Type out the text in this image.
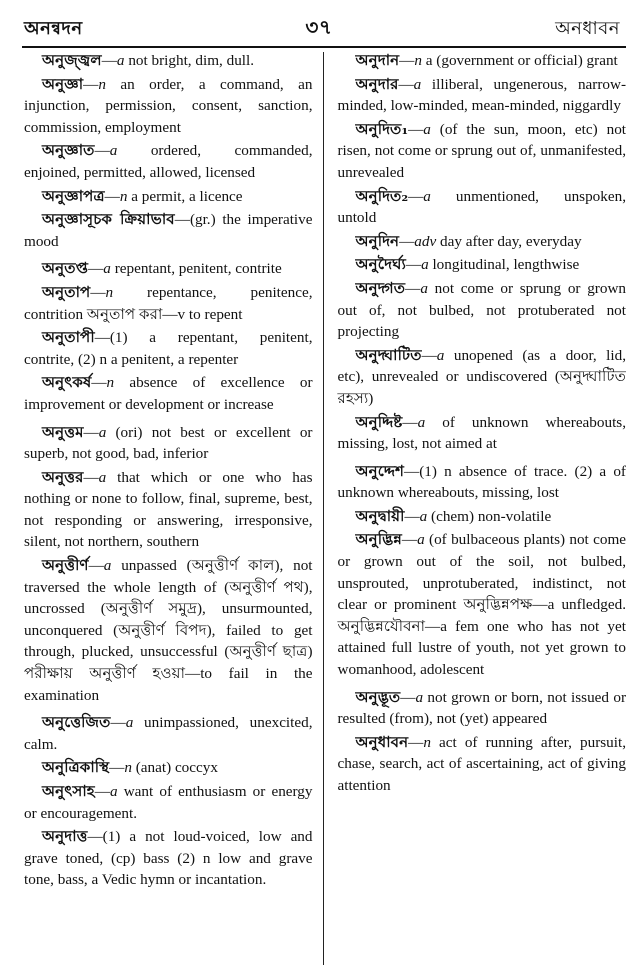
অনন্বদন	৩৭	অনধাবন

অনুজ্জ্বল—a not bright, dim, dull.

অনুজ্ঞা—n an order, a command, an injunction, permission, consent, sanction, commission, employment

অনুজ্ঞাত—a ordered, commanded, enjoined, permitted, allowed, licensed

অনুজ্ঞাপত্র—n a permit, a licence

অনুজ্ঞাসূচক ক্রিয়াভাব—(gr.) the imperative mood

অনুতপ্ত—a repentant, penitent, contrite

অনুতাপ—n repentance, penitence, contrition অনুতাপ করা—v to repent

অনুতাপী—(1) a repentant, penitent, contrite, (2) n a penitent, a repenter

অনুৎকর্ষ—n absence of excellence or improvement or development or increase

অনুত্তম—a (ori) not best or excellent or superb, not good, bad, inferior

অনুত্তর—a that which or one who has nothing or none to follow, final, supreme, best, not responding or answering, irresponsive, silent, not northern, southern

অনুত্তীর্ণ—a unpassed (অনুত্তীর্ণ কাল), not traversed the whole length of (অনুত্তীর্ণ পথ), uncrossed (অনুত্তীর্ণ সমুদ্র), unsurmounted, unconquered (অনুত্তীর্ণ বিপদ), failed to get through, plucked, unsuccessful (অনুত্তীর্ণ ছাত্র) পরীক্ষায় অনুত্তীর্ণ হওয়া—to fail in the examination

অনুত্তেজিত—a unimpassioned, unexcited, calm.

অনুত্রিকাস্থি—n (anat) coccyx

অনুৎসাহ—a want of enthusiasm or energy or encouragement.

অনুদাত্ত—(1) a not loud-voiced, low and grave toned, (cp) bass (2) n low and grave tone, bass, a Vedic hymn or incantation.

অনুদান—n a (government or official) grant

অনুদার—a illiberal, ungenerous, narrow-minded, low-minded, mean-minded, niggardly

অনুদিত₁—a (of the sun, moon, etc) not risen, not come or sprung out of, unmanifested, unrevealed

অনুদিত₂—a unmentioned, unspoken, untold

অনুদিন—adv day after day, everyday

অনুদৈর্ঘ্য—a longitudinal, lengthwise

অনুদ্গত—a not come or sprung or grown out of, not bulbed, not protuberated not projecting

অনুদ্ঘাটিত—a unopened (as a door, lid, etc), unrevealed or undiscovered (অনুদ্ঘাটিত রহস্য)

অনুদ্দিষ্ট—a of unknown whereabouts, missing, lost, not aimed at

অনুদ্দেশ—(1) n absence of trace. (2) a of unknown whereabouts, missing, lost

অনুদ্বায়ী—a (chem) non-volatile

অনুদ্ভিন্ন—a (of bulbaceous plants) not come or grown out of the soil, not bulbed, unsprouted, unprotuberated, indistinct, not clear or prominent অনুদ্ভিন্নপক্ষ—a unfledged. অনুদ্ভিন্নযৌবনা—a fem one who has not yet attained full lustre of youth, not yet grown to womanhood, adolescent

অনুদ্ভূত—a not grown or born, not issued or resulted (from), not (yet) appeared

অনুধাবন—n act of running after, pursuit, chase, search, act of ascertaining, act of giving attention
